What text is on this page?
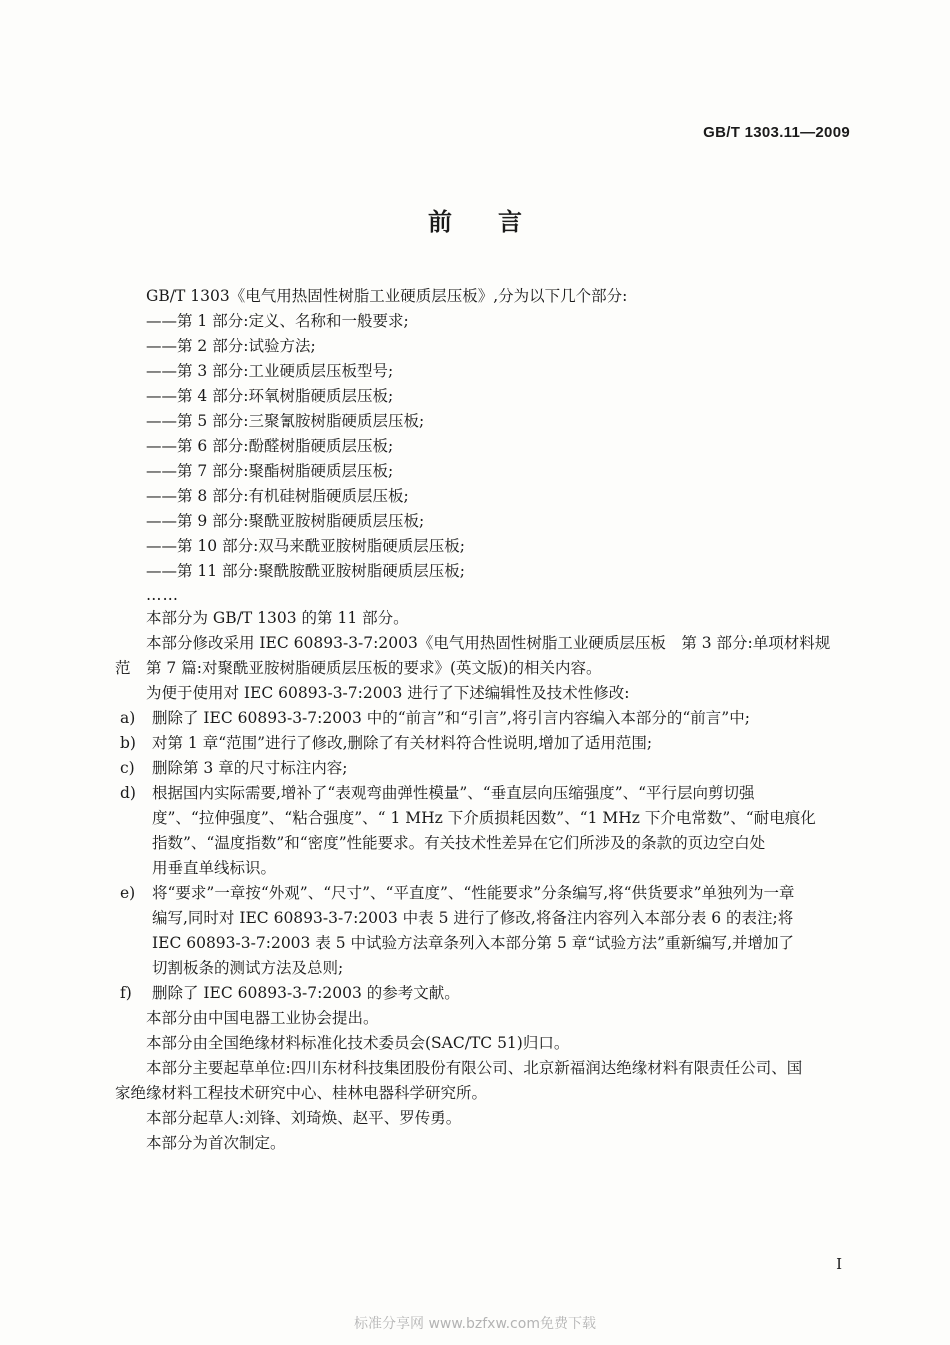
GB/T 1303.11—2009
前言
GB/T 1303《电气用热固性树脂工业硬质层压板》,分为以下几个部分:
——第 1 部分:定义、名称和一般要求;
——第 2 部分:试验方法;
——第 3 部分:工业硬质层压板型号;
——第 4 部分:环氧树脂硬质层压板;
——第 5 部分:三聚氰胺树脂硬质层压板;
——第 6 部分:酚醛树脂硬质层压板;
——第 7 部分:聚酯树脂硬质层压板;
——第 8 部分:有机硅树脂硬质层压板;
——第 9 部分:聚酰亚胺树脂硬质层压板;
——第 10 部分:双马来酰亚胺树脂硬质层压板;
——第 11 部分:聚酰胺酰亚胺树脂硬质层压板;
……
本部分为 GB/T 1303 的第 11 部分。
本部分修改采用 IEC 60893-3-7:2003《电气用热固性树脂工业硬质层压板　第 3 部分:单项材料规
范　第 7 篇:对聚酰亚胺树脂硬质层压板的要求》(英文版)的相关内容。
为便于使用对 IEC 60893-3-7:2003 进行了下述编辑性及技术性修改:
a) 删除了 IEC 60893-3-7:2003 中的“前言”和“引言”,将引言内容编入本部分的“前言”中;
b) 对第 1 章“范围”进行了修改,删除了有关材料符合性说明,增加了适用范围;
c) 删除第 3 章的尺寸标注内容;
d) 根据国内实际需要,增补了“表观弯曲弹性模量”、“垂直层向压缩强度”、“平行层向剪切强
度”、“拉伸强度”、“粘合强度”、“ 1 MHz 下介质损耗因数”、“1 MHz 下介电常数”、“耐电痕化
指数”、“温度指数”和“密度”性能要求。有关技术性差异在它们所涉及的条款的页边空白处
用垂直单线标识。
e) 将“要求”一章按“外观”、“尺寸”、“平直度”、“性能要求”分条编写,将“供货要求”单独列为一章
编写,同时对 IEC 60893-3-7:2003 中表 5 进行了修改,将备注内容列入本部分表 6 的表注;将
IEC 60893-3-7:2003 表 5 中试验方法章条列入本部分第 5 章“试验方法”重新编写,并增加了
切割板条的测试方法及总则;
f) 删除了 IEC 60893-3-7:2003 的参考文献。
本部分由中国电器工业协会提出。
本部分由全国绝缘材料标准化技术委员会(SAC/TC 51)归口。
本部分主要起草单位:四川东材科技集团股份有限公司、北京新福润达绝缘材料有限责任公司、国
家绝缘材料工程技术研究中心、桂林电器科学研究所。
本部分起草人:刘锋、刘琦焕、赵平、罗传勇。
本部分为首次制定。
I
标准分享网 www.bzfxw.com免费下载
